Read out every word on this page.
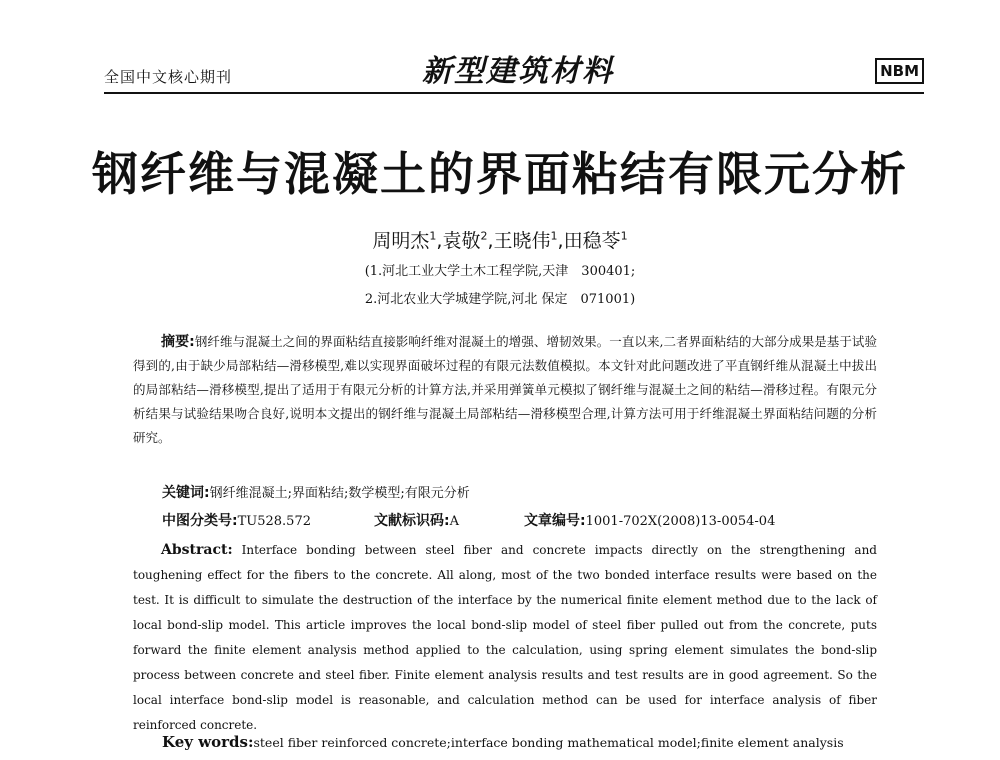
全国中文核心期刊	新型建筑材料	NBM
钢纤维与混凝土的界面粘结有限元分析
周明杰$^1$,袁敬$^2$,王晓伟$^1$,田稳苓$^1$
(1.河北工业大学土木工程学院,天津　300401;
2.河北农业大学城建学院,河北 保定　071001)
摘要:钢纤维与混凝土之间的界面粘结直接影响纤维对混凝土的增强、增韧效果。一直以来,二者界面粘结的大部分成果是基于试验得到的,由于缺少局部粘结—滑移模型,难以实现界面破坏过程的有限元法数值模拟。本文针对此问题改进了平直钢纤维从混凝土中拔出的局部粘结—滑移模型,提出了适用于有限元分析的计算方法,并采用弹簧单元模拟了钢纤维与混凝土之间的粘结—滑移过程。有限元分析结果与试验结果吻合良好,说明本文提出的钢纤维与混凝土局部粘结—滑移模型合理,计算方法可用于纤维混凝土界面粘结问题的分析研究。
关键词:钢纤维混凝土;界面粘结;数学模型;有限元分析
中图分类号:TU528.572	文献标识码:A	文章编号:1001-702X(2008)13-0054-04
Abstract: Interface bonding between steel fiber and concrete impacts directly on the strengthening and toughening effect for the fibers to the concrete. All along, most of the two bonded interface results were based on the test. It is difficult to simulate the destruction of the interface by the numerical finite element method due to the lack of local bond-slip model. This article improves the local bond-slip model of steel fiber pulled out from the concrete, puts forward the finite element analysis method applied to the calculation, using spring element simulates the bond-slip process between concrete and steel fiber. Finite element analysis results and test results are in good agreement. So the local interface bond-slip model is reasonable, and calculation method can be used for interface analysis of fiber reinforced concrete.
Key words:steel fiber reinforced concrete;interface bonding mathematical model;finite element analysis
